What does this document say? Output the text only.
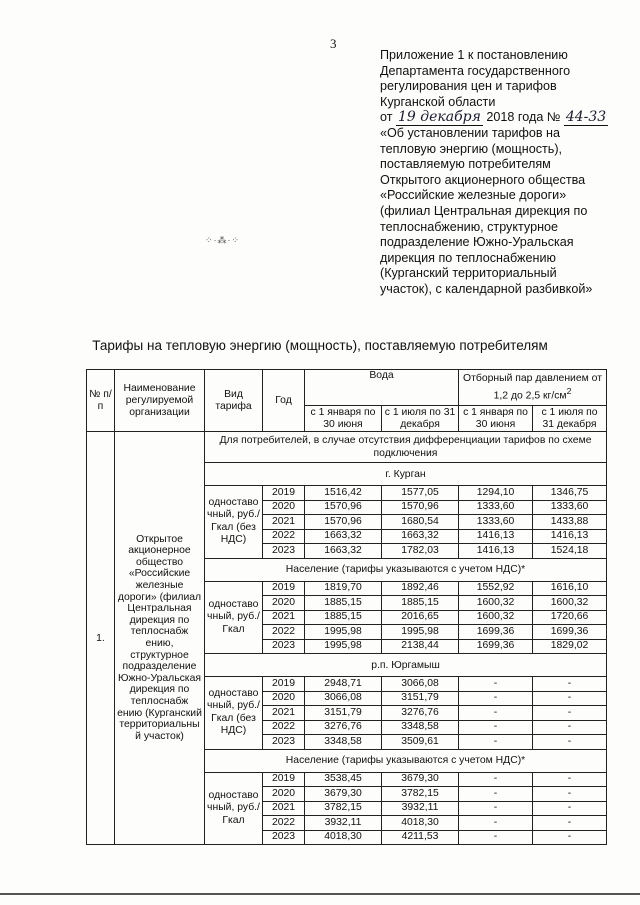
3
Приложение 1 к постановлению
Департамента государственного
регулирования цен и тарифов
Курганской области
от 19 декабря 2018 года № 44-33
«Об установлении тарифов на
тепловую энергию (мощность),
поставляемую потребителям
Открытого акционерного общества
«Российские железные дороги»
(филиал Центральная дирекция по
теплоснабжению, структурное
подразделение Южно-Уральская
дирекция по теплоснабжению
(Курганский территориальный
участок), с календарной разбивкой»
⁘·⁂·⁘
Тарифы на тепловую энергию (мощность), поставляемую потребителям
№ п/п	Наименование регулируемой организации	Вид тарифа	Год	Вода		Отборный пар давлением от 1,2 до 2,5 $кг/см^2$
				с 1 января по 30 июня	с 1 июля по 31 декабря	с 1 января по 30 июня	с 1 июля по 31 декабря
1.	Открытое акционерное общество «Российские железные дороги» (филиал Центральная дирекция по теплоснабж ению, структурное подразделение Южно-Уральская дирекция по теплоснабж ению (Курганский территориальны й участок)	Для потребителей, в случае отсутствия дифференциации тарифов по схеме подключения					
		г. Курган					
		одноставо чный, руб./Гкал (без НДС)	2019	1516,42	1577,05	1294,10	1346,75
			2020	1570,96	1570,96	1333,60	1333,60
			2021	1570,96	1680,54	1333,60	1433,88
			2022	1663,32	1663,32	1416,13	1416,13
			2023	1663,32	1782,03	1416,13	1524,18
		Население (тарифы указываются с учетом НДС)*					
		одноставо чный, руб./Гкал	2019	1819,70	1892,46	1552,92	1616,10
			2020	1885,15	1885,15	1600,32	1600,32
			2021	1885,15	2016,65	1600,32	1720,66
			2022	1995,98	1995,98	1699,36	1699,36
			2023	1995,98	2138,44	1699,36	1829,02
		р.п. Юргамыш					
		одноставо чный, руб./Гкал (без НДС)	2019	2948,71	3066,08	-	-
			2020	3066,08	3151,79	-	-
			2021	3151,79	3276,76	-	-
			2022	3276,76	3348,58	-	-
			2023	3348,58	3509,61	-	-
		Население (тарифы указываются с учетом НДС)*					
		одноставо чный, руб./Гкал	2019	3538,45	3679,30	-	-
			2020	3679,30	3782,15	-	-
			2021	3782,15	3932,11	-	-
			2022	3932,11	4018,30	-	-
			2023	4018,30	4211,53	-	-
